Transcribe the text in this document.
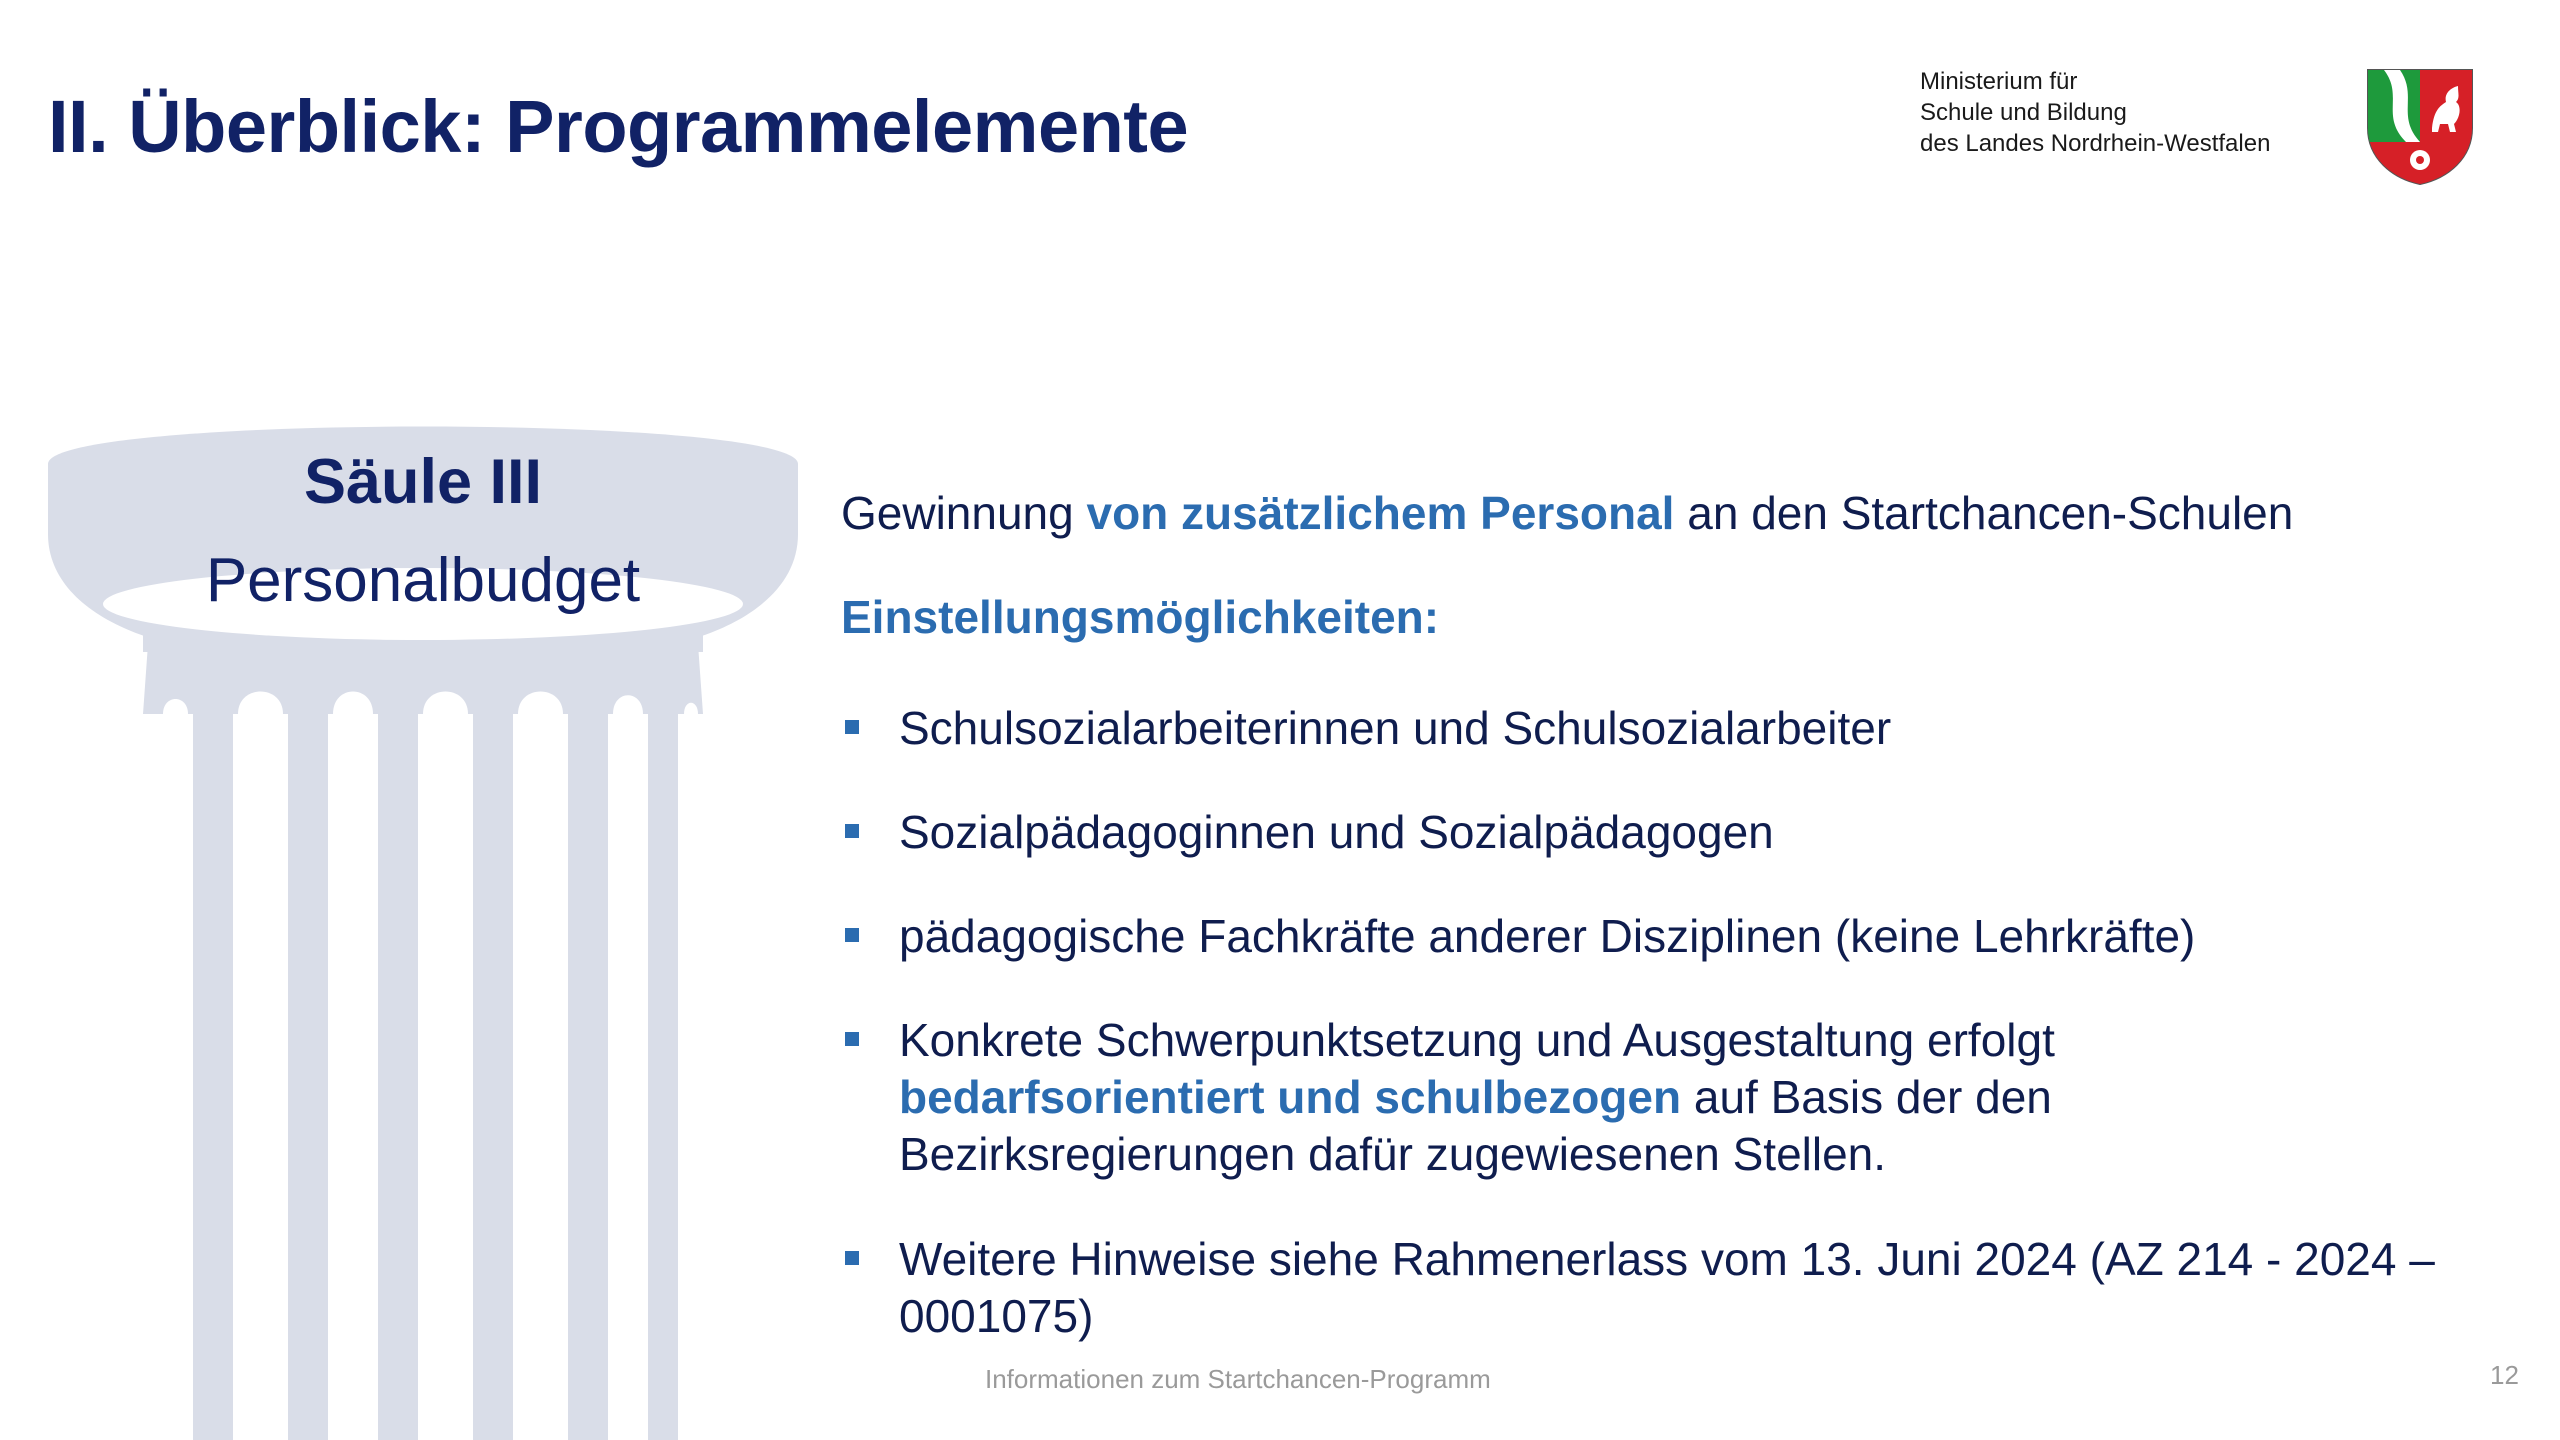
II. Überblick: Programmelemente
Ministerium für
Schule und Bildung
des Landes Nordrhein-Westfalen
Säule III
Personalbudget
Gewinnung von zusätzlichem Personal an den Startchancen-Schulen
Einstellungsmöglichkeiten:
Schulsozialarbeiterinnen und Schulsozialarbeiter
Sozialpädagoginnen und Sozialpädagogen
pädagogische Fachkräfte anderer Disziplinen (keine Lehrkräfte)
Konkrete Schwerpunktsetzung und Ausgestaltung erfolgt bedarfsorientiert und schulbezogen auf Basis der den Bezirksregierungen dafür zugewiesenen Stellen.
Weitere Hinweise siehe Rahmenerlass vom 13. Juni 2024 (AZ 214 - 2024 – 0001075)
Informationen zum Startchancen-Programm	12
